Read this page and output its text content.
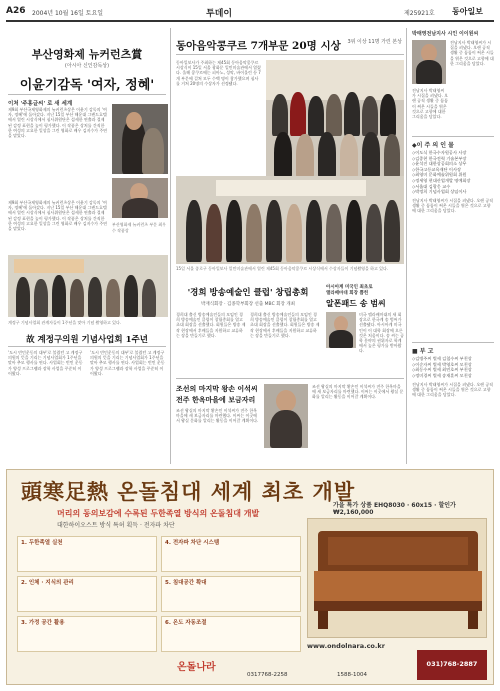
A26 2004년 10월 16일 토요일	투데이	제25921호 동아일보
부산영화제 뉴커런츠賞
(아시아 신인감독상)
이윤기감독 '여자, 정혜'
이처 '주홍글씨' 로 새 세계
제9회 부산국제영화제의 뉴커런츠상은 이윤기 감독의 '여자, 정혜'에 돌아갔다. 지난 15일 부산 해운대 그랜드호텔에서 열린 시상식에서 심사위원단은 섬세한 연출과 절제된 감정 표현을 높이 평가했다. 이 작품은 상처를 간직한 한 여성의 고요한 일상을 그린 영화로 배우 김지수가 주연을 맡았다.
제9회 부산국제영화제의 뉴커런츠상은 이윤기 감독의 '여자, 정혜'에 돌아갔다. 지난 15일 부산 해운대 그랜드호텔에서 열린 시상식에서 심사위원단은 섬세한 연출과 절제된 감정 표현을 높이 평가했다. 이 작품은 상처를 간직한 한 여성의 고요한 일상을 그린 영화로 배우 김지수가 주연을 맡았다.
부산영화제 뉴커런츠 부문 최우수 작품상
계정구 기념사업회 관계자들이 1주년을 맞아 기념 촬영하고 있다.
故 계정구의원 기념사업회 1주년
'도시 빈민운동의 대부'로 불렸던 고 계정구의원의 뜻을 기리는 기념사업회가 1주년을 맞아 추모 행사를 연다. 사업회는 빈민 운동가 양성 프로그램과 장학 사업을 꾸준히 이어왔다.
'도시 빈민운동의 대부'로 불렸던 고 계정구의원의 뜻을 기리는 기념사업회가 1주년을 맞아 추모 행사를 연다. 사업회는 빈민 운동가 양성 프로그램과 장학 사업을 꾸준히 이어왔다.
동아음악콩쿠르 7개부문 20명 시상	3위 이상 11명 가린 본상
동아일보사가 주최하는 제45회 동아음악콩쿠르 시상식이 15일 서울 광화문 일민미술관에서 열렸다. 올해 콩쿠르에는 피아노, 성악, 바이올린 등 7개 부문에 걸쳐 모두 수백 명이 참가했으며 심사를 거쳐 20명의 수상자가 선정됐다.
15일 서울 종로구 동아일보사 일민미술관에서 열린 제45회 동아음악콩쿠르 시상식에서 수상자들이 기념촬영을 하고 있다.
'경희 방송예술인 클럽' 창립총회
박재식회장 · 김종학부회장 선출 MBC 회장 개최
경희대 출신 방송예술인들의 모임인 경희 방송예술인 클럽이 창립총회를 열고 초대 회장을 선출했다. 회원들은 방송 제작 현장에서 후배들을 지원하고 교류하는 장을 만들기로 했다.
경희대 출신 방송예술인들의 모임인 경희 방송예술인 클럽이 창립총회를 열고 초대 회장을 선출했다. 회원들은 방송 제작 현장에서 후배들을 지원하고 교류하는 장을 만들기로 했다.
아시아계 미국인 최초로
앨라배마대 회장 뽑힌
알폰패드 송 범씨
미국 앨라배마대의 새 회장으로 한국계 송 범씨가 선출됐다. 아시아계 미국인이 이 대학 회장에 오른 것은 처음이다. 송 씨는 공학 분야의 권위자로 학계에서 높은 평가를 받아왔다.
조선의 마지막 왕손 이석씨
전주 한옥마을에 보금자리
조선 왕실의 마지막 황손인 이석씨가 전주 한옥마을에 새 보금자리를 마련했다. 이씨는 이곳에서 왕실 문화를 알리는 활동을 이어갈 계획이다.
조선 왕실의 마지막 황손인 이석씨가 전주 한옥마을에 새 보금자리를 마련했다. 이씨는 이곳에서 왕실 문화를 알리는 활동을 이어갈 계획이다.
박태영전남지사 시인 이이원씨
전남지사 박태영씨가 시집을 펴냈다. 오랜 공직 생활 중 틈틈이 써온 시들을 엮은 것으로 고향에 대한 그리움을 담았다.
전남지사 박태영씨가 시집을 펴냈다. 오랜 공직 생활 중 틈틈이 써온 시들을 엮은 것으로 고향에 대한 그리움을 담았다.
◆이 주 의 인 물
◇이도식 한국수자원공사 사장
◇김종현 한국전력 기술본부장
◇윤석진 대한상공회의소 상무
◇한국고등교육재단 이사장
◇최영미 문화예술위원회 위원
◇정세영 현대산업개발 명예회장
◇서울대 김광웅 교수
◇박정희 기념사업회 상임이사
전남지사 박태영씨가 시집을 펴냈다. 오랜 공직 생활 중 틈틈이 써온 시들을 엮은 것으로 고향에 대한 그리움을 담았다.
■ 부 고
◇김병주씨 별세 김철수씨 부친상
◇이순자씨 별세 박영호씨 모친상
◇최동수씨 별세 최민호씨 부친상
◇정미경씨 별세 송재훈씨 모친상
전남지사 박태영씨가 시집을 펴냈다. 오랜 공직 생활 중 틈틈이 써온 시들을 엮은 것으로 고향에 대한 그리움을 담았다.
頭寒足熱 온돌침대 세계 최초 개발
머리의 동의보감에 수록된 두한족열 방식의 온돌침대 개발
대한하이오스트 방식 특허 획득 · 전자파 차단
가을 특가 상품 EHQ8030 · 60x15 · 할인가 ₩2,160,000
1. 두한족열 실천	4. 전자파 차단 시스템
2. 인체 · 지식의 관리	5. 침대공간 확대
3. 가정 공간 활용	6. 온도 자동조절
온돌나라
www.ondolnara.co.kr
0317768-2258	1588-1004
031)768-2887
